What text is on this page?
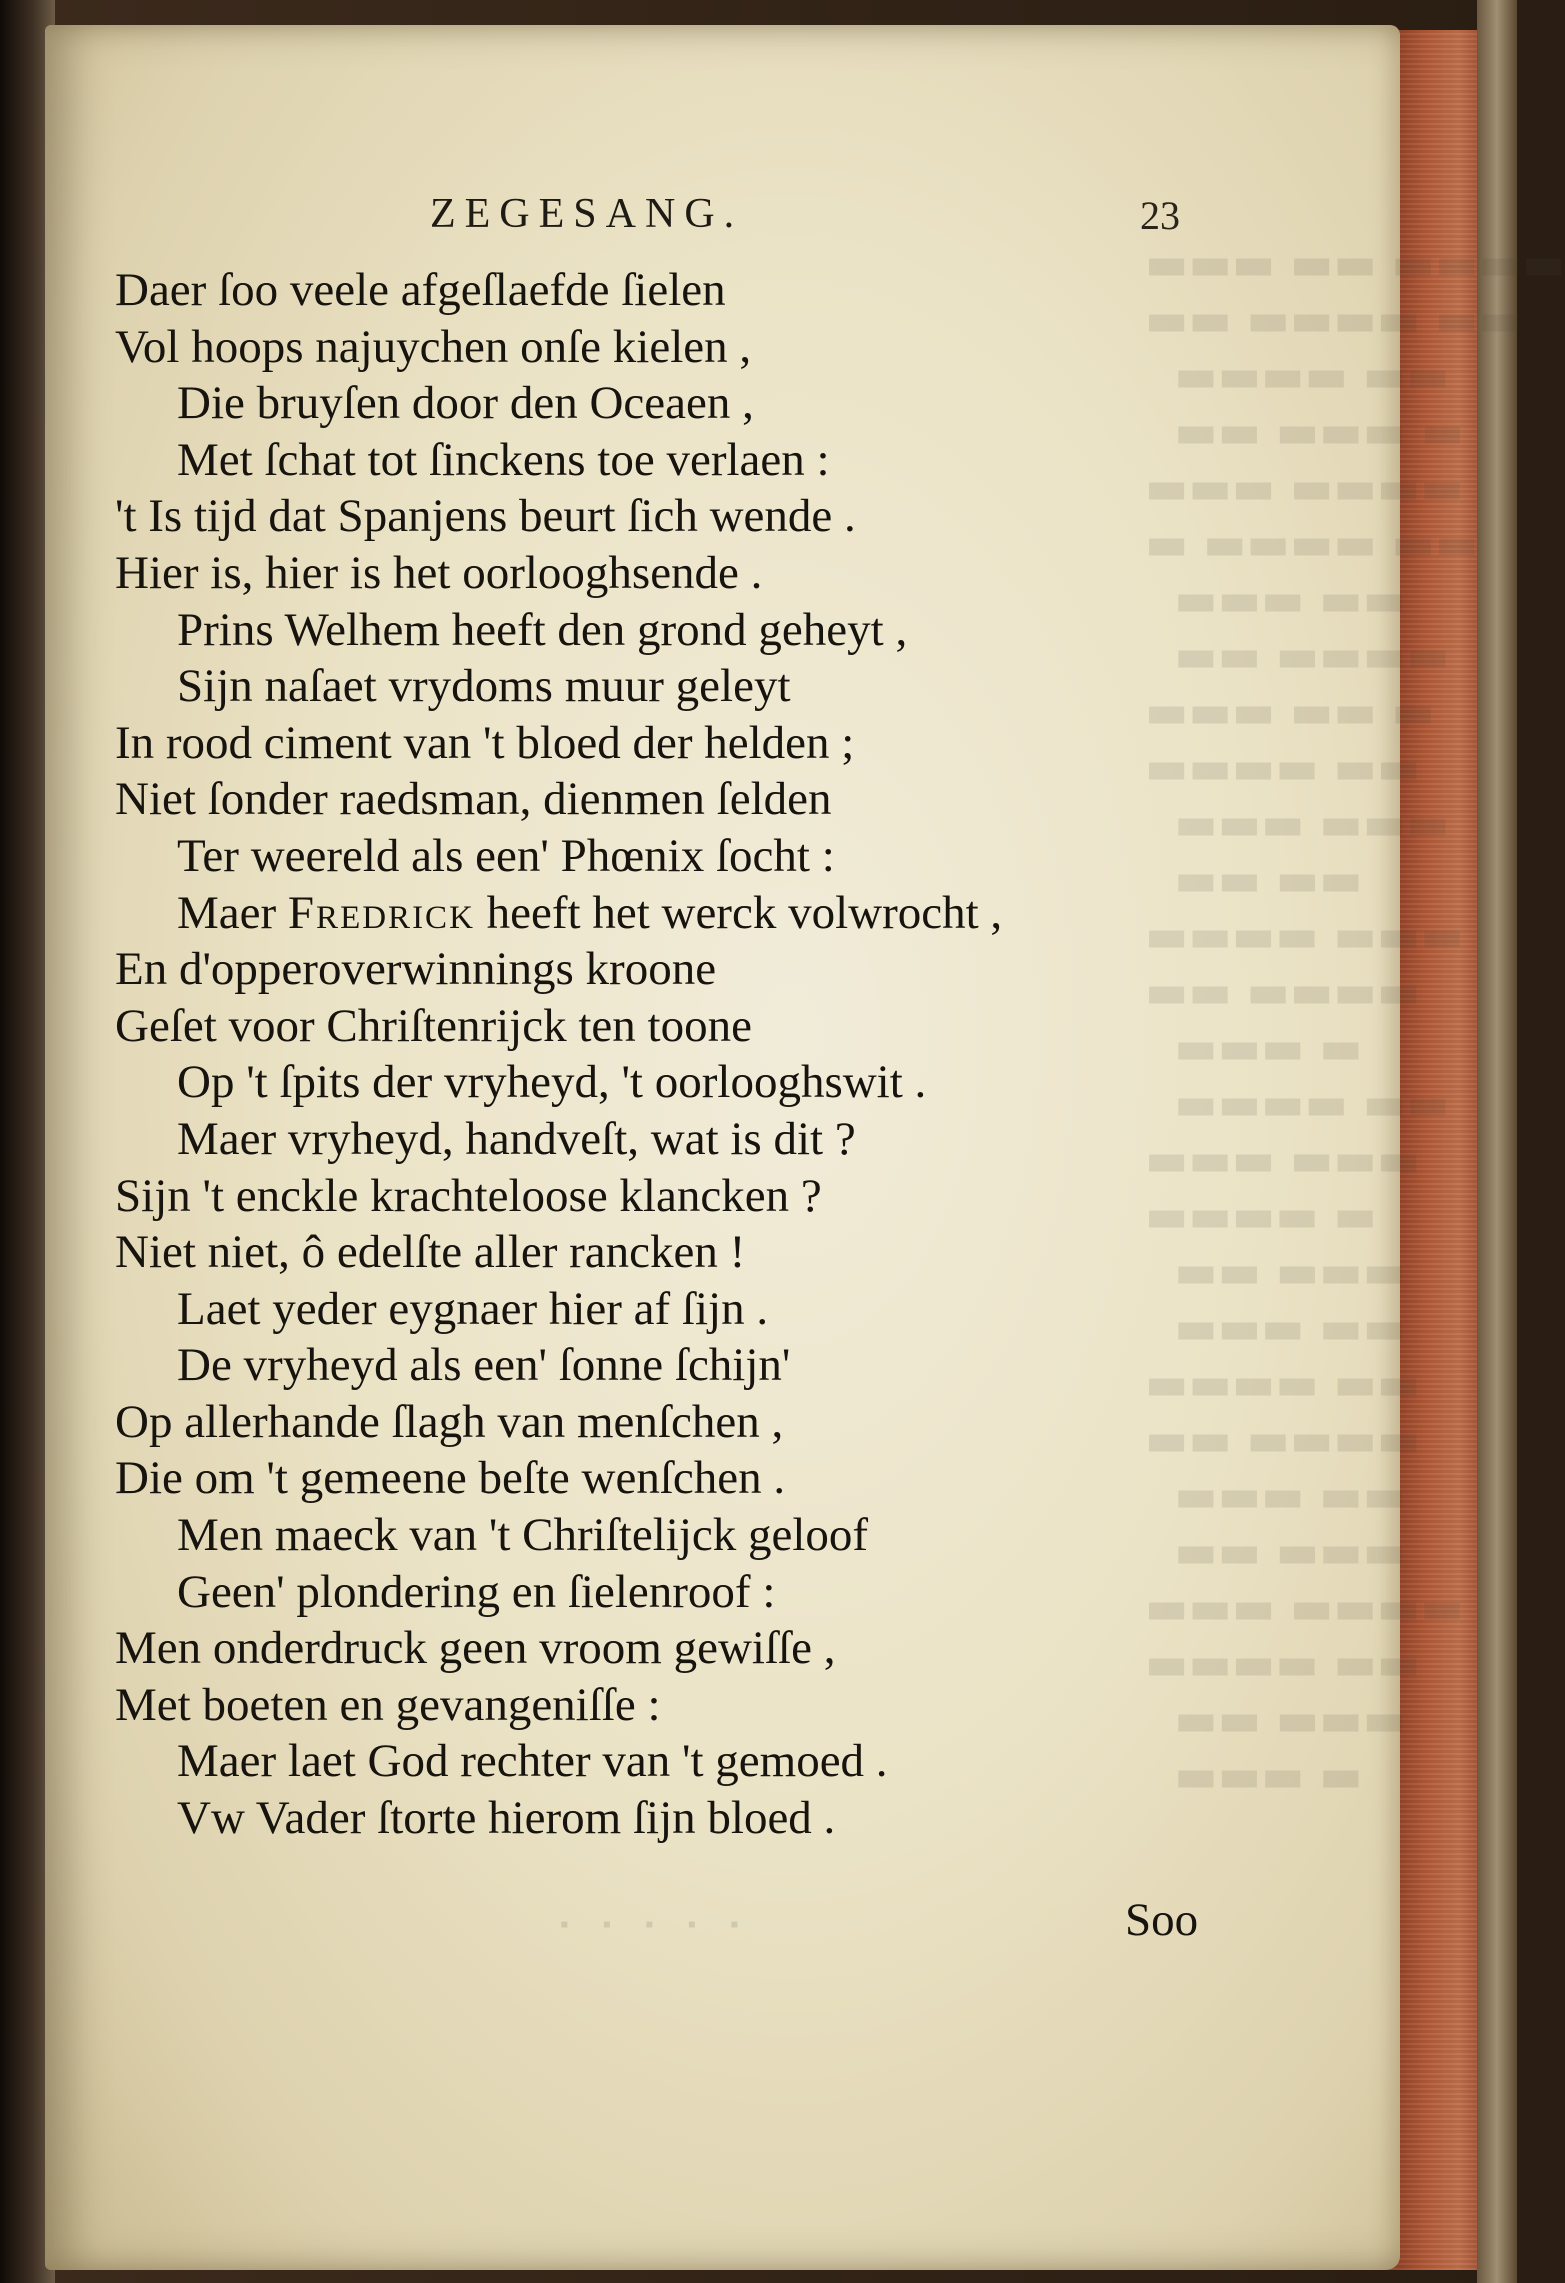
▬▬▬ ▬▬ ▬▬▬▬
▬▬ ▬▬▬▬ ▬▬
▬▬▬▬ ▬▬
▬▬ ▬▬▬ ▬
▬▬▬ ▬▬▬▬
▬ ▬▬▬▬ ▬▬
▬▬▬ ▬▬
▬▬ ▬▬▬▬
▬▬▬ ▬▬ ▬
▬▬▬▬ ▬▬
▬▬▬ ▬▬▬
▬▬ ▬▬
▬▬▬▬ ▬▬▬
▬▬ ▬▬▬▬
▬▬▬ ▬
▬▬▬▬ ▬▬
▬▬▬ ▬▬▬
▬▬▬▬ ▬
▬▬ ▬▬▬
▬▬▬ ▬▬
▬▬▬▬ ▬▬
▬▬ ▬▬▬▬
▬▬▬ ▬▬
▬▬ ▬▬▬
▬▬▬ ▬▬▬▬
▬▬▬▬ ▬▬
▬▬ ▬▬▬
▬▬▬ ▬
ZEGESANG.	23
Daer ſoo veele afgeſlaefde ſielen
Vol hoops najuychen onſe kielen ,
Die bruyſen door den Oceaen ,
Met ſchat tot ſinckens toe verlaen :
't Is tijd dat Spanjens beurt ſich wende .
Hier is, hier is het oorlooghsende .
Prins Welhem heeft den grond geheyt ,
Sijn naſaet vrydoms muur geleyt
In rood ciment van 't bloed der helden ;
Niet ſonder raedsman, dienmen ſelden
Ter weereld als een' Phœnix ſocht :
Maer Fredrick heeft het werck volwrocht ,
En d'opperoverwinnings kroone
Geſet voor Chriſtenrijck ten toone
Op 't ſpits der vryheyd, 't oorlooghswit .
Maer vryheyd, handveſt, wat is dit ?
Sijn 't enckle krachteloose klancken ?
Niet niet, ô edelſte aller rancken !
Laet yeder eygnaer hier af ſijn .
De vryheyd als een' ſonne ſchijn'
Op allerhande ſlagh van menſchen ,
Die om 't gemeene beſte wenſchen .
Men maeck van 't Chriſtelijck geloof
Geen' plondering en ſielenroof :
Men onderdruck geen vroom gewiſſe ,
Met boeten en gevangeniſſe :
Maer laet God rechter van 't gemoed .
Vw Vader ſtorte hierom ſijn bloed .
▪ ▪ ▪ ▪ ▪	Soo
